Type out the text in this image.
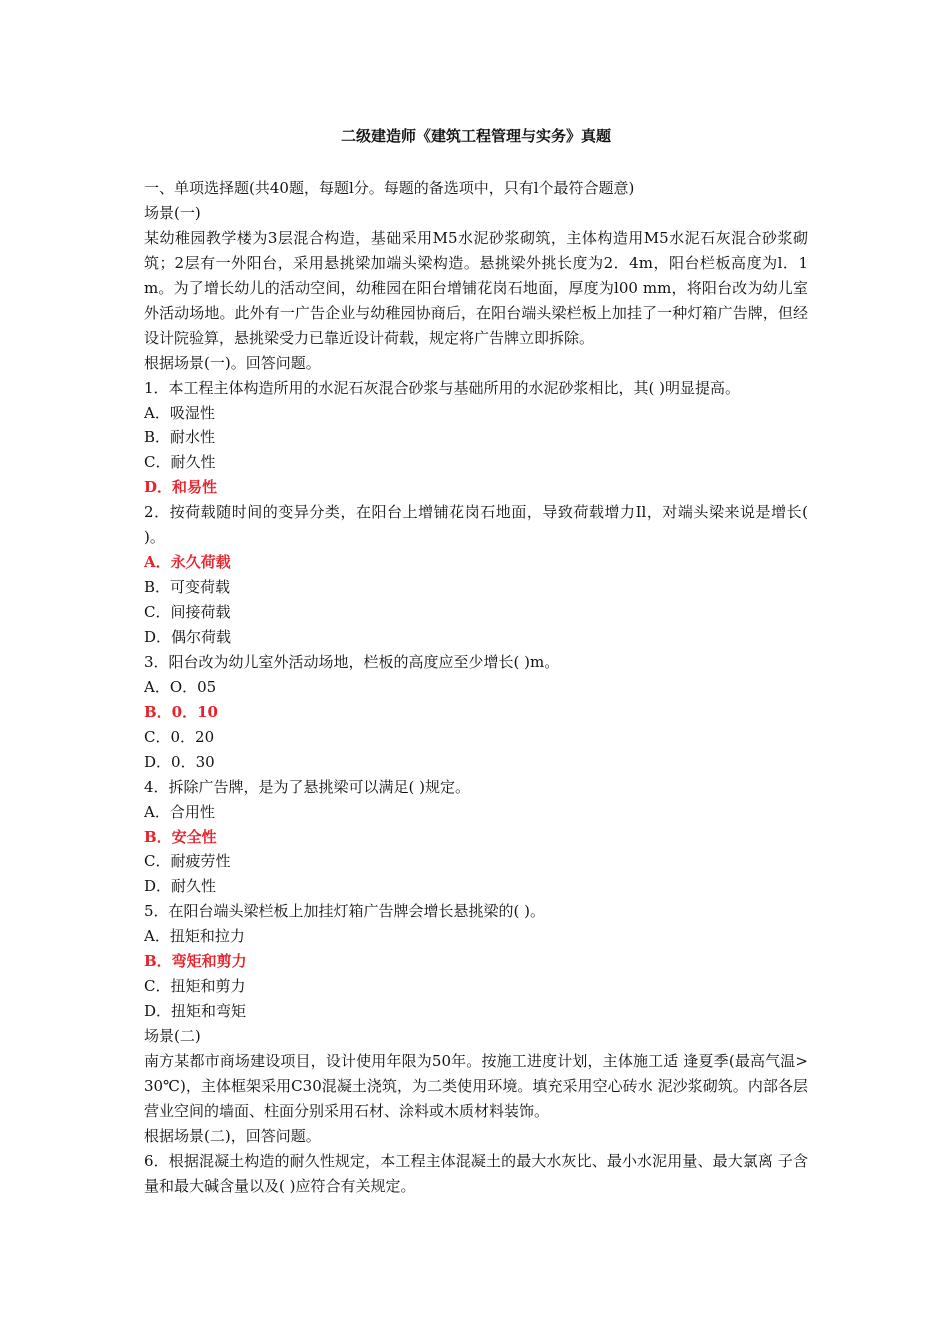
二级建造师《建筑工程管理与实务》真题
一、单项选择题(共40题，每题l分。每题的备选项中，只有l个最符合题意)
场景(一)
某幼稚园教学楼为3层混合构造，基础采用M5水泥砂浆砌筑，主体构造用M5水泥石灰混合砂浆砌筑；2层有一外阳台，采用悬挑梁加端头梁构造。悬挑梁外挑长度为2．4m，阳台栏板高度为l．1m。为了增长幼儿的活动空间，幼稚园在阳台增铺花岗石地面，厚度为l00 mm，将阳台改为幼儿室外活动场地。此外有一广告企业与幼稚园协商后，在阳台端头梁栏板上加挂了一种灯箱广告牌，但经设计院验算，悬挑梁受力已靠近设计荷载，规定将广告牌立即拆除。
根据场景(一)。回答问题。
1．本工程主体构造所用的水泥石灰混合砂浆与基础所用的水泥砂浆相比，其( )明显提高。
A．吸湿性
B．耐水性
C．耐久性
D．和易性
2．按荷载随时间的变异分类，在阳台上增铺花岗石地面，导致荷载增力Il，对端头梁来说是增长( )。
A．永久荷载
B．可变荷载
C．间接荷载
D．偶尔荷载
3．阳台改为幼儿室外活动场地，栏板的高度应至少增长( )m。
A．O．05
B．0．10
C．0．20
D．0．30
4．拆除广告牌，是为了悬挑梁可以满足( )规定。
A．合用性
B．安全性
C．耐疲劳性
D．耐久性
5．在阳台端头梁栏板上加挂灯箱广告牌会增长悬挑梁的( )。
A．扭矩和拉力
B．弯矩和剪力
C．扭矩和剪力
D．扭矩和弯矩
场景(二)
南方某都市商场建设项目，设计使用年限为50年。按施工进度计划，主体施工适 逢夏季(最高气温>30℃)，主体框架采用C30混凝土浇筑，为二类使用环境。填充采用空心砖水 泥沙浆砌筑。内部各层营业空间的墙面、柱面分别采用石材、涂料或木质材料装饰。
根据场景(二)，回答问题。
6．根据混凝土构造的耐久性规定，本工程主体混凝土的最大水灰比、最小水泥用量、最大氯离 子含量和最大碱含量以及( )应符合有关规定。
